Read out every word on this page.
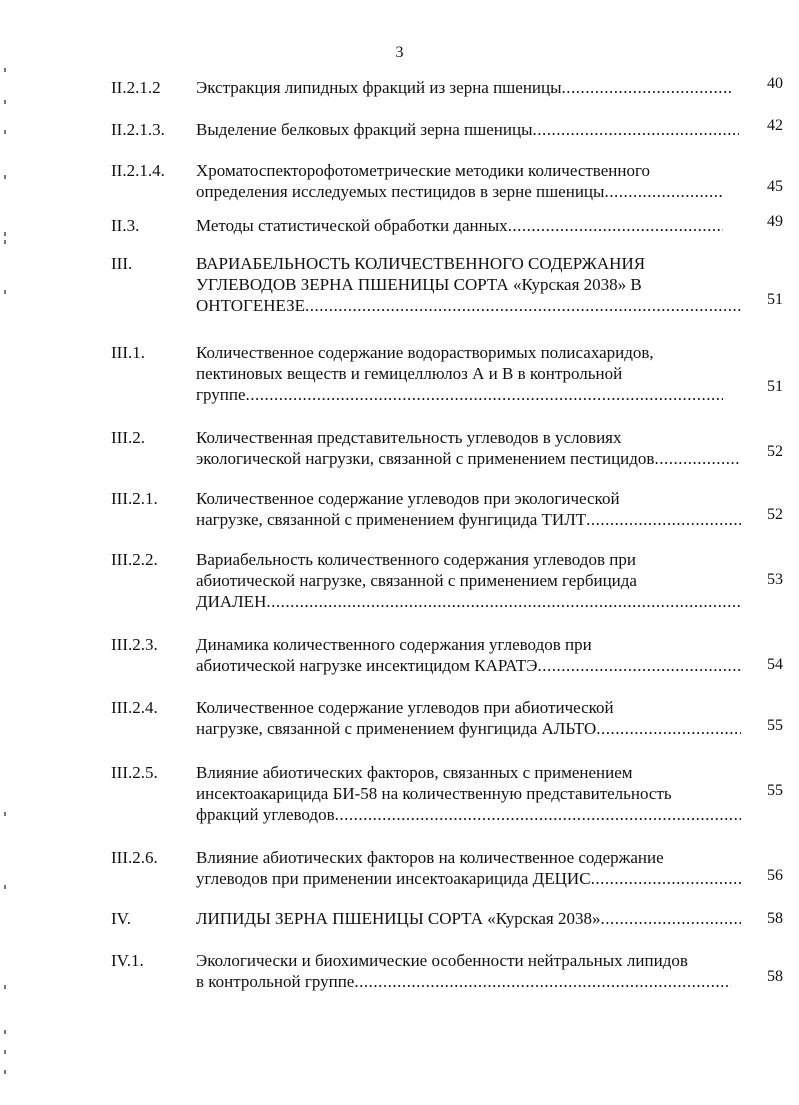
3
II.2.1.2 Экстракция липидных фракций из зерна пшеницы .....	40
II.2.1.3. Выделение белковых фракций зерна пшеницы .....	42
II.2.1.4. Хроматоспекторофотометрические методики количественного
определения исследуемых пестицидов в зерне пшеницы .....	45
II.3.	Методы статистической обработки данных .....	49
III.	ВАРИАБЕЛЬНОСТЬ КОЛИЧЕСТВЕННОГО СОДЕРЖАНИЯ
УГЛЕВОДОВ ЗЕРНА ПШЕНИЦЫ СОРТА «Курская 2038» В
ОНТОГЕНЕЗЕ .....	51
III.1.	Количественное содержание водорастворимых полисахаридов,
пектиновых веществ и гемицеллюлоз А и В в контрольной
группе .....	51
III.2.	Количественная представительность углеводов в условиях
экологической нагрузки, связанной с применением пестицидов .....	52
III.2.1. Количественное содержание углеводов при экологической
нагрузке, связанной с применением фунгицида ТИЛТ .....	52
III.2.2. Вариабельность количественного содержания углеводов при
абиотической нагрузке, связанной с применением гербицида
ДИАЛЕН .....
53
III.2.3. Динамика количественного содержания углеводов при
абиотической нагрузке инсектицидом КАРАТЭ .....	54
III.2.4. Количественное содержание углеводов при абиотической
нагрузке, связанной с применением фунгицида АЛЬТО .....	55
III.2.5. Влияние абиотических факторов, связанных с применением
инсектоакарицида БИ-58 на количественную представительность
фракций углеводов .....
55
III.2.6. Влияние абиотических факторов на количественное содержание
углеводов при применении инсектоакарицида ДЕЦИС .....	56
IV.	ЛИПИДЫ ЗЕРНА ПШЕНИЦЫ СОРТА «Курская 2038» .....	58
IV.1.	Экологически и биохимические особенности нейтральных липидов
в контрольной группе .....	58
